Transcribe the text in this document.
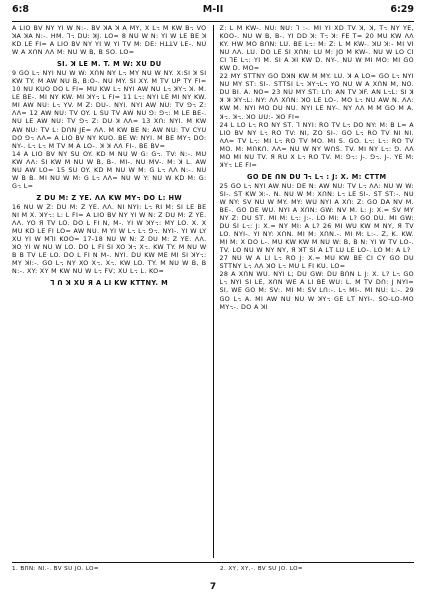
6:8	M-II	6:29

A LIO BV NY YI W N:-. BV ꓘA ꓘ A MY, X L꓾ M KW B꓾ VO ꓘA ꓘA N:-. HM. Ꞁ꓾ DU: ꓘJ. LO= 8 NU W N: YI W LE BE ꓘ KD LE FI= A LIO BV NY YI W YI TV M: DE: HꓕꓕV LE-. NU W A XꓵN ꓥꓥ M: NU W B, B SO. LO=

SI. ꓘ LE M. T. ꓟ W: XU DU

9 GO ꓡ꓾ NYI NU W W: XꓵN NY ꓡ꓾ MY NU W NY. X:SI ꓘ SI KW TY. M AW NU B, B:O-. NU MY. SI XY. M TV UP TY FI= 10 NU KUO DO ꓡ FI= MU KW ꓡ꓾ NYI AW NU ꓡ꓾ ꓘY꓾ ꓘ. M. ꓡE BE-. MI NY KW. MI ꓘY꓾ ꓡ FI= 11 ꓡ꓾: NYI LE MI NY KW. MI AW NU: ꓡ꓾ YV. M Z: DU-. NYI. NYI AW NU: TV ꓨ꓾ Z: ꓥꓥ= 12 AW NU: TV OY. ꓡ SU TV AW NU ꓨ: ꓨ꓾: M ꓡE BE-. NU ꓡE AW NU: TV ꓨ꓾ Z: DU ꓘ ꓥꓥ= 13 Xꓵ: NYI. M KW AW NU: TV ꓡ: DꓵN JE= ꓥꓥ. M KW BE N: AW NU: TV CYU DO ꓨ꓾ ꓥꓥ= A LIO BV NY KUO. BE W: NYI. M BE MY꓾ DO: NY-. ꓡ꓾ ꓡ꓾ M TV M A LO-. ꓘ ꓘ ꓥꓥ FI-. BE BV=

14 A LIO BV NY SU OY. KD M NU W G: G꓾. TV: N:-. MU KW ꓥꓥ: SI KW M NU W B, B-. MI-. NU MV-. M: ꓘ ꓡ. AW NU AW LO= 15 SU OY. KD M NU W M: G ꓡ꓾ ꓥꓥ N:-. NU W B B. MI NU W M: G ꓡ꓾ ꓥꓥ= NU W Y: NU W KD M: G: G꓾ ꓡ=

Z DU M: Z YE. ꓥꓥ KW MY꓾ DO ꓡ: HW

16 NU W Z: DU M: Z YE. ꓥꓥ. NI NYI: ꓡ꓾ RI M: SI ꓡE BE NI M X. ꓘY꓾: ꓡ: ꓡ FI= A LIO BV NY YI W N: Z DU M: Z YE. ꓥꓥ. YO Я TV LO. DO ꓡ FI N, M-. YI W ꓘY꓾: MY LO. X. X MU KD ꓡE FI LO= AW NU. M YI W ꓡ꓾ ꓡ꓾ ꓨ꓾. NYI-. YI W LY XU YI W MꓶI KOO= 17-18 NU W N: Z DU M: Z YE. ꓥꓥ. ꓘO YI W NU W LO. DO ꓡ FI SI XO ꓘ꓾ X꓾. KW TY. M NU W B B TV ꓡE LO. DO ꓡ FI N M-. NYI. DU KW ME MI SI ꓘY꓾: MY ꓘI:-. GO ꓡ꓾ NY XO X꓾. X꓾. KW LO. TY. M NU W B, B N:-. XY: XY M KW NU W ꓡ꓾ FV; XU ꓡ꓾ ꓡ. KO=

ꓶ ꓵ ꓘ XU Я A LI KW KꓔꓔNY. M

Z: ꓡ M KW-. NU: NU: Ꞁ :-. MI YI XD TV ꓘ, ꓘ, T꓾ NY YE, KOO-. NU W B, B-. YI DD ꓘ: T꓾ ꓘ: FE T= 20 MU KW ꓥꓥ KY. HW MO BꓵN: LU. BE ꓡ꓾: M: Z: ꓡ M KW-. ꓘU ꓘ:- MI VI NU ꓥꓥ. LU. DO ꓡE SI XꓵN: LU M: JO M KW-. NU W LO CI CI ꓶE ꓡ꓾: YI M. SI A ꓘI KW D. NY-. NU W MI MO: MI GO KW D. MO=

22 MY SꓔꓔNY GO DꓘN KW M MY. LU. ꓘ A LO= GO ꓡ꓾ NYI NU MY Sꓔ: SI-. SꓔꓔSI ꓡ꓾ ꓘY꓾ꓡ꓾ YO NU W A XꓵN M, NO. DU BI. A. NO= 23 NU MY Sꓔ: ꓡꓵ: AN TV ꓘF. AN ꓡ꓾ꓡ: SI ꓘ ꓘ ꓘ ꓘY꓾ꓡ: NY: ꓥꓥ XꓵN: ꓘO ꓡE LO-. MO ꓡ꓾ NU AW N. ꓥꓥ: KW M. NYI MO DU NU. NYI ꓡE NY-. NY ꓥꓥ M M GO M A. ꓘ꓾. ꓘ꓾. ꓘO UU:- ꓘO FI=

24 ꓡ LO ꓡ꓾ RO NY Sꓔ. Ꞁ NYI: RO TV ꓡ꓾ DO NY: M: B ꓡ= A LIO BV NY ꓡ꓾ RO TV: NI, ZO SI-. GO ꓡ꓾ RO TV NI NI. ꓥꓥ= TV ꓡ꓾: MI ꓡ꓾ RO TV MO. MI S. GO. ꓡ꓾: ꓡ꓾: RO TV MO. M: MꓵKꓵ. ꓥꓥ= NU W NY WꓵS. TV. MI NY ꓡ꓾: ꓨ. ꓥꓥ MO MI NU TV. Я RU X ꓡ꓾ RO TV. M: ꓨ꓾: J-. ꓨ꓾. J-. YE M: ꓘY꓾ ꓡE FI=

GO DE ꓵN DU ꓶ꓾ ꓡ꓾ : J: X. M: CꓔꓔM

25 GO ꓡ꓾ NYI AW NU: DE N: AW NU: TV ꓡ꓾ ꓥꓥ: NU W W: SI-. Sꓔ KW ꓘ:-. N. NU W M: XꓵN: ꓡ꓾ ꓡE SI-. Sꓔ Sꓔ:-. NU W NY: SV NU W MY. MY: WU NYI A Xꓵ: Z: GO DA NV M. BE-. GO DE WU. NYI A XꓵN: GW: NV M. ꓡ: J: X.= SV MY NY Z: DU Sꓔ. MI M: ꓡ꓾: J:-. LO MI: A ꓡ? GO DU. MI GW: DU SI ꓡ꓾: J: X.= NY MI: A ꓡ? 26 MI WU KW M NY, Я TV ꓡO. NYI-. YI NY: XꓵN. MI M: XꓵN.-. MI M: ꓡ:-. Z, K. KW. MI M: X DO ꓡ-. MU KW KW M NU W: B, B N: YI W TV ꓡO-. TV. ꓡO NU W NY NY, Я ꓘꓔ SI A ꓡꓔ LU ꓡE LO-. LO M: A ꓡ?

27 NU W A LI ꓡ꓾ RO J: X.= MU KW BE CI CY GO DU SꓔꓔNY ꓡ꓾ ꓥꓥ ꓘO ꓡ꓾ MU L FI KU. LO=

28 A XꓵN WU. NYI ꓡ; DU GW: DU BꓵN ꓡ J: X. ꓡ? ꓡ꓾ GO ꓡ꓾ NYI SI ꓡE, XꓵN WE A LI BE WU: L. M TV Dꓵ: J NYI= SI, WE GO M: SV:. MI M: SV ꓡꓵ:-. ꓡ꓾ MI-. MI NU: ꓡ:-. 29 GO ꓡ꓾ A. MI AW NU NU W ꓘY꓾ GE ꓡꓔ NYI-. SO-LO-MO MY꓾-. DO A ꓘI

1. BꓵN: NI.-. BV SU JO. LO=	2. XY, XY,-. BV SU JO. LO=
7
